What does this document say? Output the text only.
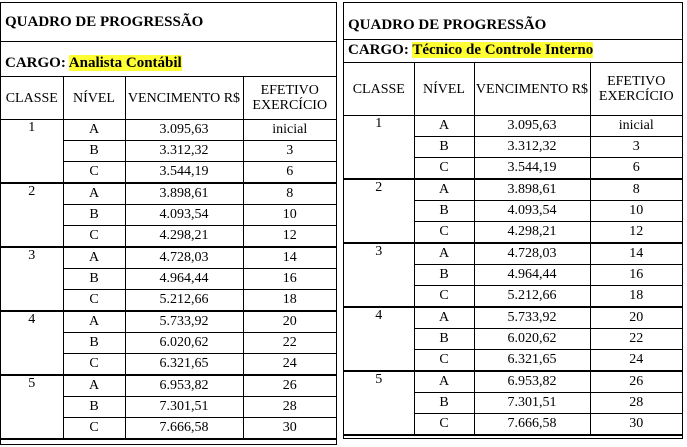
QUADRO DE PROGRESSÃO
CARGO: Analista Contábil
CLASSE	NÍVEL	VENCIMENTO R$	EFETIVO EXERCÍCIO
1	A	3.095,63	inicial
	B	3.312,32	3
	C	3.544,19	6
2	A	3.898,61	8
	B	4.093,54	10
	C	4.298,21	12
3	A	4.728,03	14
	B	4.964,44	16
	C	5.212,66	18
4	A	5.733,92	20
	B	6.020,62	22
	C	6.321,65	24
5	A	6.953,82	26
	B	7.301,51	28
	C	7.666,58	30
QUADRO DE PROGRESSÃO
CARGO: Técnico de Controle Interno
CLASSE	NÍVEL	VENCIMENTO R$	EFETIVO EXERCÍCIO
1	A	3.095,63	inicial
	B	3.312,32	3
	C	3.544,19	6
2	A	3.898,61	8
	B	4.093,54	10
	C	4.298,21	12
3	A	4.728,03	14
	B	4.964,44	16
	C	5.212,66	18
4	A	5.733,92	20
	B	6.020,62	22
	C	6.321,65	24
5	A	6.953,82	26
	B	7.301,51	28
	C	7.666,58	30
